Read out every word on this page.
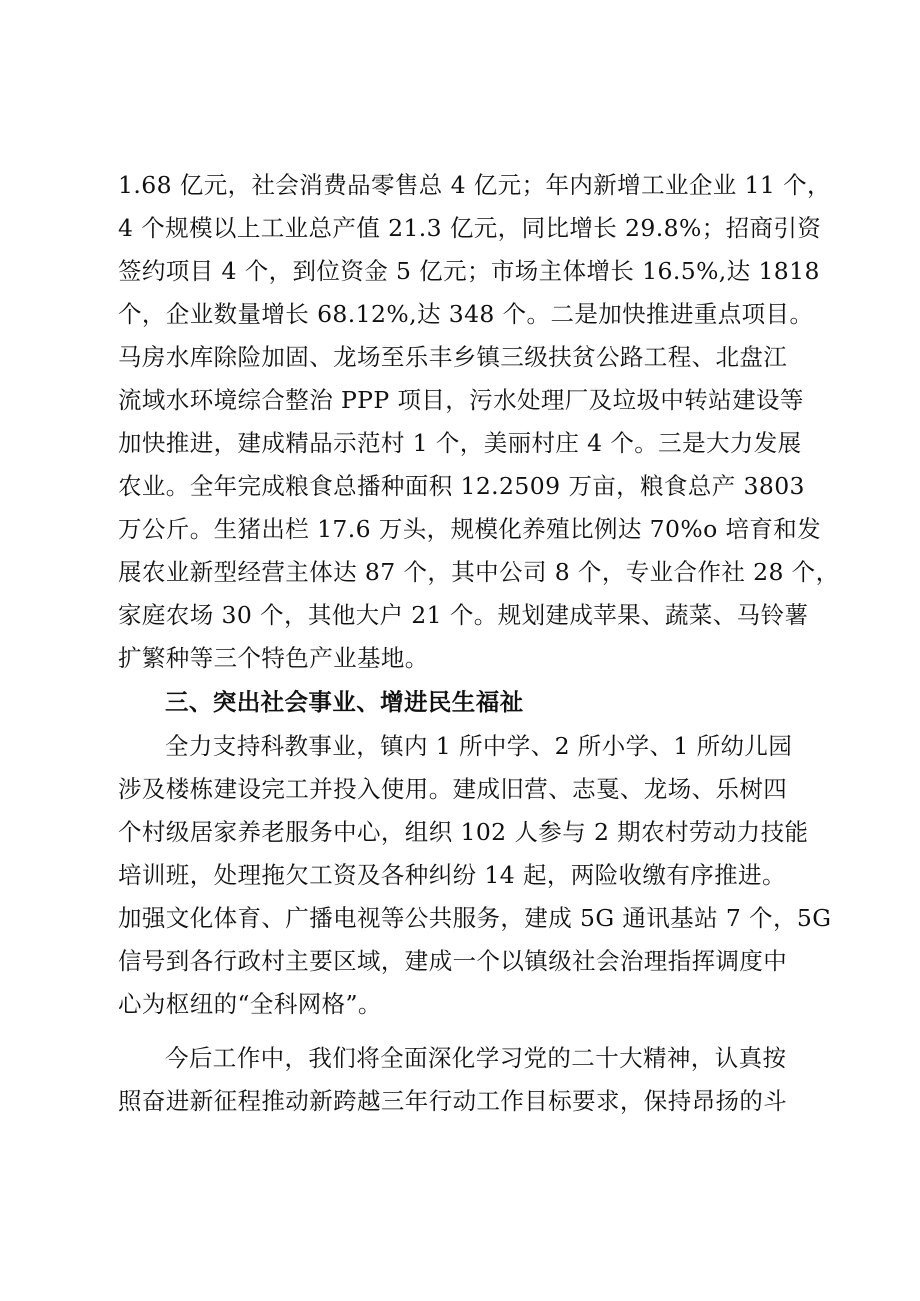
1.68 亿元，社会消费品零售总 4 亿元；年内新增工业企业 11 个，
4 个规模以上工业总产值 21.3 亿元，同比增长 29.8%；招商引资
签约项目 4 个，到位资金 5 亿元；市场主体增长 16.5%,达 1818
个，企业数量增长 68.12%,达 348 个。二是加快推进重点项目。
马房水库除险加固、龙场至乐丰乡镇三级扶贫公路工程、北盘江
流域水环境综合整治 PPP 项目，污水处理厂及垃圾中转站建设等
加快推进，建成精品示范村 1 个，美丽村庄 4 个。三是大力发展
农业。全年完成粮食总播种面积 12.2509 万亩，粮食总产 3803
万公斤。生猪出栏 17.6 万头，规模化养殖比例达 70%o 培育和发
展农业新型经营主体达 87 个，其中公司 8 个，专业合作社 28 个，
家庭农场 30 个，其他大户 21 个。规划建成苹果、蔬菜、马铃薯
扩繁种等三个特色产业基地。
三、突出社会事业、增进民生福祉
全力支持科教事业，镇内 1 所中学、2 所小学、1 所幼儿园
涉及楼栋建设完工并投入使用。建成旧营、志戛、龙场、乐树四
个村级居家养老服务中心，组织 102 人参与 2 期农村劳动力技能
培训班，处理拖欠工资及各种纠纷 14 起，两险收缴有序推进。
加强文化体育、广播电视等公共服务，建成 5G 通讯基站 7 个，5G
信号到各行政村主要区域，建成一个以镇级社会治理指挥调度中
心为枢纽的“全科网格”。
今后工作中，我们将全面深化学习党的二十大精神，认真按
照奋进新征程推动新跨越三年行动工作目标要求，保持昂扬的斗
